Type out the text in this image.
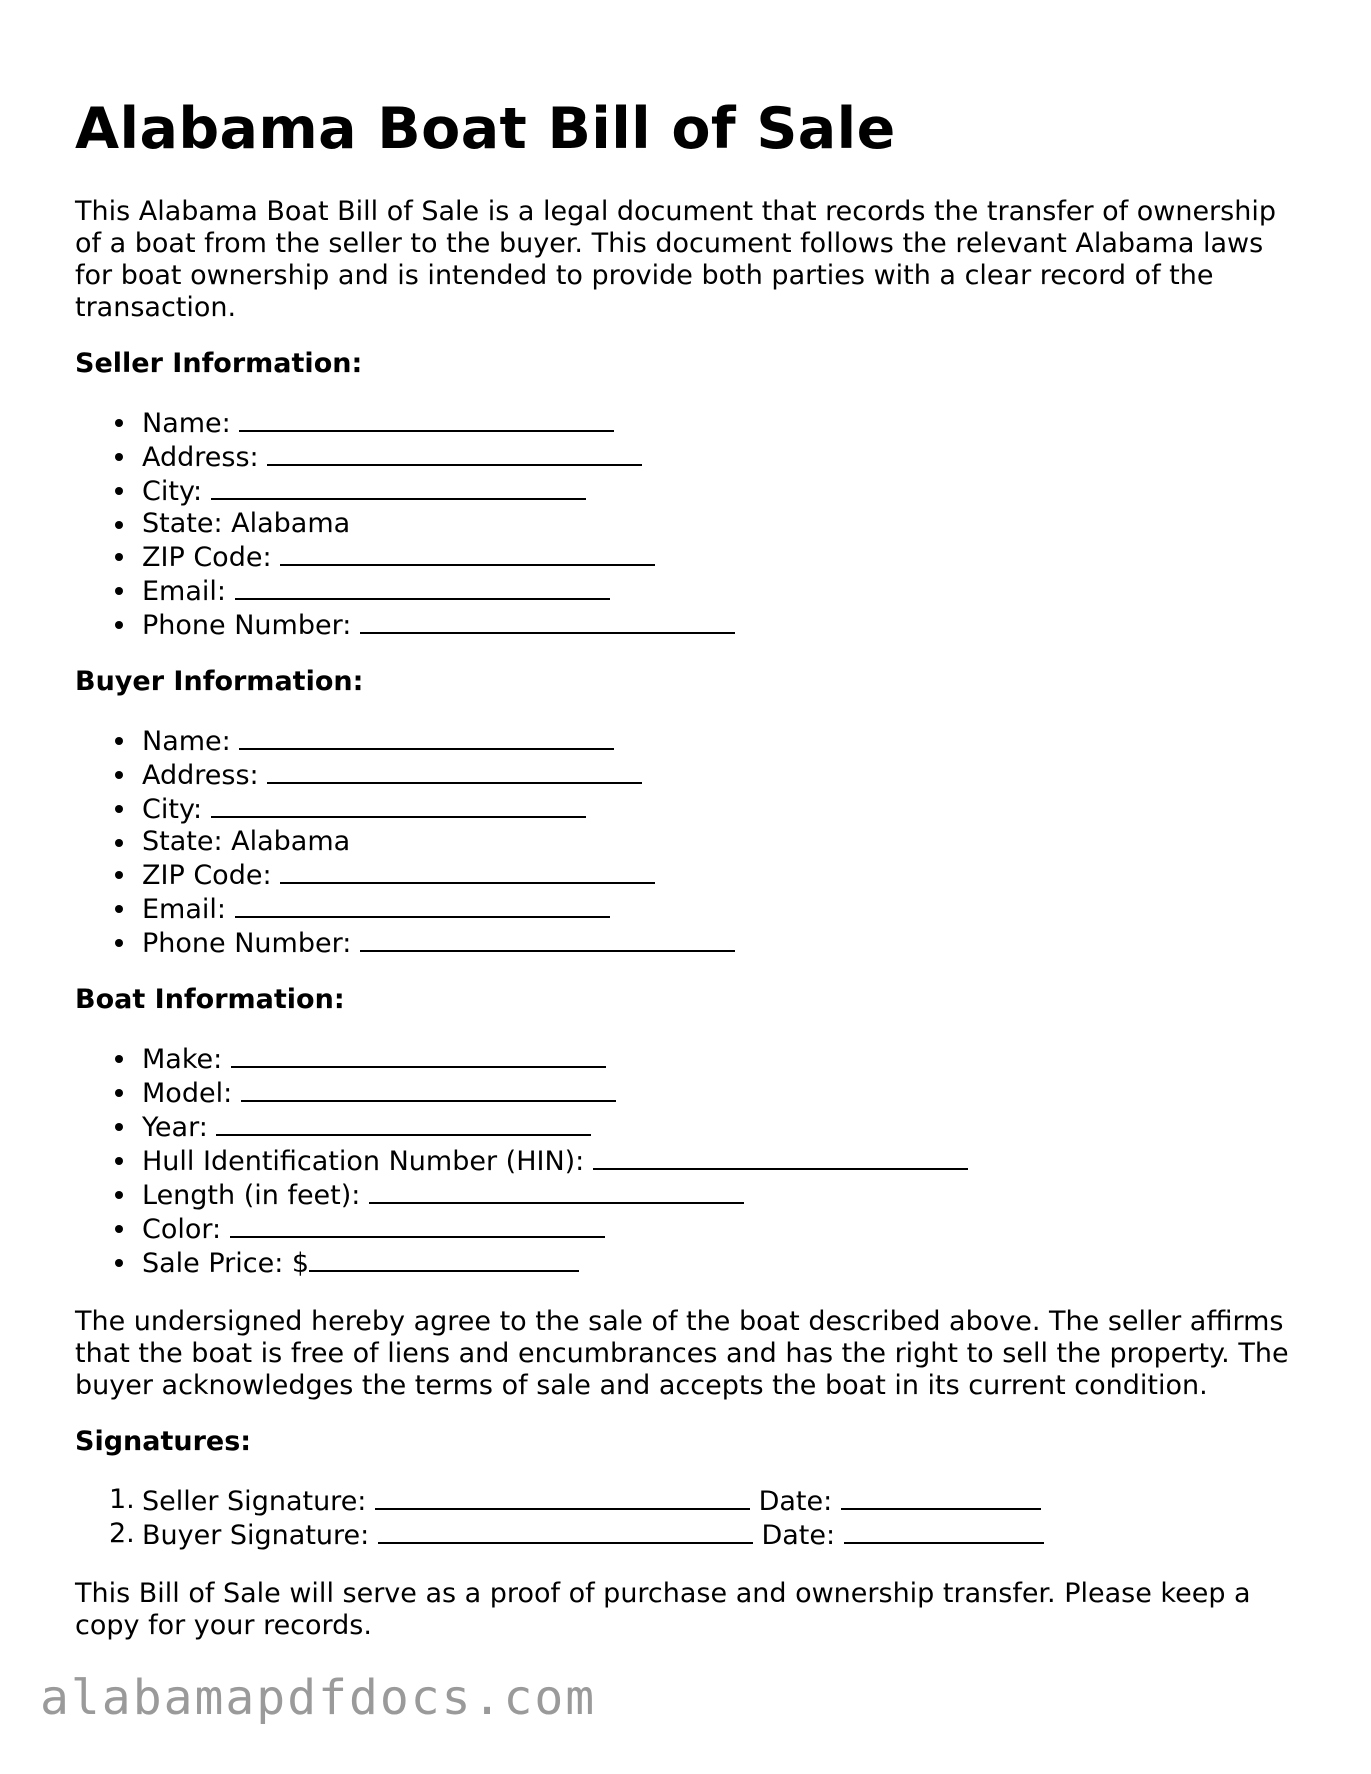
Alabama Boat Bill of Sale

This Alabama Boat Bill of Sale is a legal document that records the transfer of ownership of a boat from the seller to the buyer. This document follows the relevant Alabama laws for boat ownership and is intended to provide both parties with a clear record of the transaction.

Seller Information:
Name:
Address:
City:
State: Alabama
ZIP Code:
Email:
Phone Number:
Buyer Information:
Name:
Address:
City:
State: Alabama
ZIP Code:
Email:
Phone Number:
Boat Information:
Make:
Model:
Year:
Hull Identification Number (HIN):
Length (in feet):
Color:
Sale Price: $

The undersigned hereby agree to the sale of the boat described above. The seller affirms that the boat is free of liens and encumbrances and has the right to sell the property. The buyer acknowledges the terms of sale and accepts the boat in its current condition.

Signatures:
1. Seller Signature:	Date:
2. Buyer Signature:	Date:

This Bill of Sale will serve as a proof of purchase and ownership transfer. Please keep a copy for your records.

alabamapdfdocs.com
